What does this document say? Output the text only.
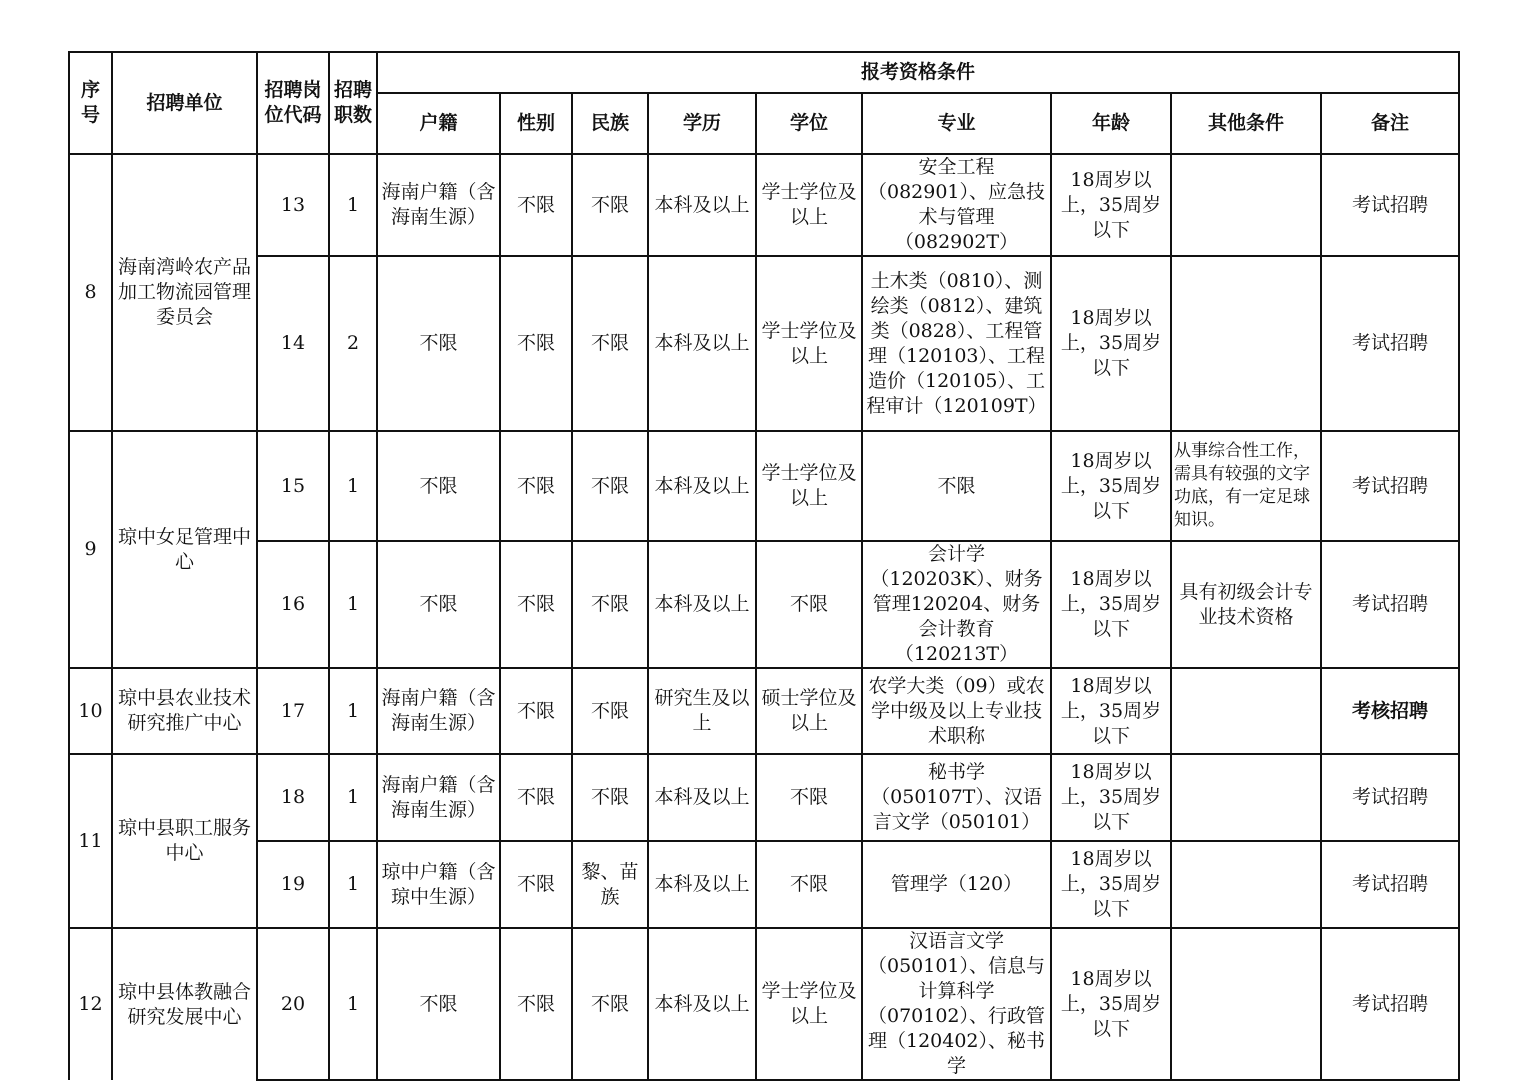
序号	招聘单位	招聘岗位代码	招聘职数	报考资格条件								
				户籍	性别	民族	学历	学位	专业	年龄	其他条件	备注
8	海南湾岭农产品加工物流园管理委员会	13	1	海南户籍（含海南生源）	不限	不限	本科及以上	学士学位及以上	安全工程（082901）、应急技术与管理（082902T）	18周岁以上，35周岁以下		考试招聘
		14	2	不限	不限	不限	本科及以上	学士学位及以上	土木类（0810）、测绘类（0812）、建筑类（0828）、工程管理（120103）、工程造价（120105）、工程审计（120109T）	18周岁以上，35周岁以下		考试招聘
9	琼中女足管理中心	15	1	不限	不限	不限	本科及以上	学士学位及以上	不限	18周岁以上，35周岁以下	从事综合性工作，需具有较强的文字功底，有一定足球知识。	考试招聘
		16	1	不限	不限	不限	本科及以上	不限	会计学（120203K）、财务管理120204、财务会计教育（120213T）	18周岁以上，35周岁以下	具有初级会计专业技术资格	考试招聘
10	琼中县农业技术研究推广中心	17	1	海南户籍（含海南生源）	不限	不限	研究生及以上	硕士学位及以上	农学大类（09）或农学中级及以上专业技术职称	18周岁以上，35周岁以下		考核招聘
11	琼中县职工服务中心	18	1	海南户籍（含海南生源）	不限	不限	本科及以上	不限	秘书学（050107T）、汉语言文学（050101）	18周岁以上，35周岁以下		考试招聘
		19	1	琼中户籍（含琼中生源）	不限	黎、苗族	本科及以上	不限	管理学（120）	18周岁以上，35周岁以下		考试招聘
12	琼中县体教融合研究发展中心	20	1	不限	不限	不限	本科及以上	学士学位及以上	汉语言文学（050101）、信息与计算科学（070102）、行政管理（120402）、秘书学	18周岁以上，35周岁以下		考试招聘
